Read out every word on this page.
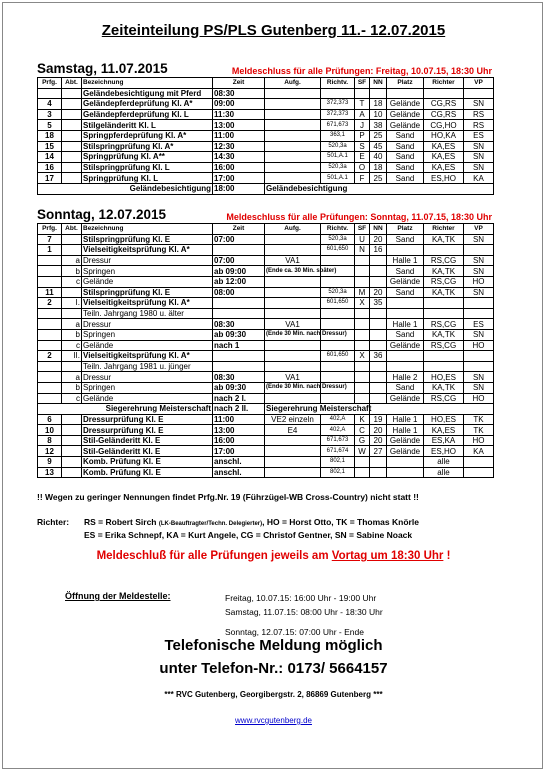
Zeiteinteilung PS/PLS Gutenberg 11.- 12.07.2015
Samstag, 11.07.2015	Meldeschluss für alle Prüfungen: Freitag, 10.07.15, 18:30 Uhr
Prfg.	Abt.	Bezeichnung	Zeit	Aufg.	Richtv.	SF	NN	Platz	Richter	VP
		Geländebesichtigung mit Pferd	08:30							
4		Geländepferdeprüfung Kl. A*	09:00		372,373	T	18	Gelände	CG,RS	SN
3		Geländepferdeprüfung Kl. L	11:30		372,373	A	10	Gelände	CG,RS	RS
5		Stilgeländeritt Kl. L	13:00		671,673	J	38	Gelände	CG,HO	RS
18		Springpferdeprüfung Kl. A*	11:00		363,1	P	25	Sand	HO,KA	ES
15		Stilspringprüfung Kl. A*	12:30		520,3a	S	45	Sand	KA,ES	SN
14		Springprüfung Kl. A**	14:30		501,A.1	E	40	Sand	KA,ES	SN
16		Stilspringprüfung Kl. L	16:00		520,3a	O	18	Sand	KA,ES	SN
17		Springprüfung Kl. L	17:00		501,A.1	F	25	Sand	ES,HO	KA
Geländebesichtigung			18:00	Geländebesichtigung						
Sonntag, 12.07.2015	Meldeschluss für alle Prüfungen: Sonntag, 11.07.15, 18:30 Uhr
Prfg.	Abt.	Bezeichnung	Zeit	Aufg.	Richtv.	SF	NN	Platz	Richter	VP
7		Stilspringprüfung Kl. E	07:00		520,3a	U	20	Sand	KA,TK	SN
1		Vielseitigkeitsprüfung Kl. A*			601,650	N	16			
	a	Dressur	07:00	VA1				Halle 1	RS,CG	SN
	b	Springen	ab 09:00	(Ende ca. 30 Min. später)				Sand	KA,TK	SN
	c	Gelände	ab 12:00					Gelände	RS,CG	HO
11		Stilspringprüfung Kl. E	08:00		520,3a	M	20	Sand	KA,TK	SN
2	I.	Vielseitigkeitsprüfung Kl. A*			601,650	X	35			
		Teiln. Jahrgang 1980 u. älter								
	a	Dressur	08:30	VA1				Halle 1	RS,CG	ES
	b	Springen	ab 09:30	(Ende 30 Min. nach Dressur)				Sand	KA,TK	SN
	c	Gelände	nach 1					Gelände	RS,CG	HO
2	II.	Vielseitigkeitsprüfung Kl. A*			601,650	X	36			
		Teiln. Jahrgang 1981 u. jünger								
	a	Dressur	08:30	VA1				Halle 2	HO,ES	SN
	b	Springen	ab 09:30	(Ende 30 Min. nach Dressur)				Sand	KA,TK	SN
	c	Gelände	nach 2 I.					Gelände	RS,CG	HO
Siegerehrung Meisterschaft			nach 2 II.	Siegerehrung Meisterschaft						
6		Dressurprüfung Kl. E	11:00	VE2 einzeln	402,A	K	19	Halle 1	HO,ES	TK
10		Dressurprüfung Kl. E	13:00	E4	402,A	C	20	Halle 1	KA,ES	TK
8		Stil-Geländeritt Kl. E	16:00		671,673	G	20	Gelände	ES,KA	HO
12		Stil-Geländeritt Kl. E	17:00		671,674	W	27	Gelände	ES,HO	KA
9		Komb. Prüfung Kl. E	anschl.		802,1				alle	
13		Komb. Prüfung Kl. E	anschl.		802,1				alle	
!! Wegen zu geringer Nennungen findet Prfg.Nr. 19 (Führzügel-WB Cross-Country) nicht statt !!
Richter: RS = Robert Sirch (LK-Beauftragter/Techn. Delegierter), HO = Horst Otto, TK = Thomas Knörle
ES = Erika Schnepf, KA = Kurt Angele, CG = Christof Gentner, SN = Sabine Noack
Meldeschluß für alle Prüfungen jeweils am Vortag um 18:30 Uhr !
Öffnung der Meldestelle:	Freitag, 10.07.15: 16:00 Uhr - 19:00 Uhr
Samstag, 11.07.15: 08:00 Uhr - 18:30 Uhr
Sonntag, 12.07.15: 07:00 Uhr - Ende
Telefonische Meldung möglich
unter Telefon-Nr.: 0173/ 5664157
*** RVC Gutenberg, Georgibergstr. 2, 86869 Gutenberg ***
www.rvcgutenberg.de
